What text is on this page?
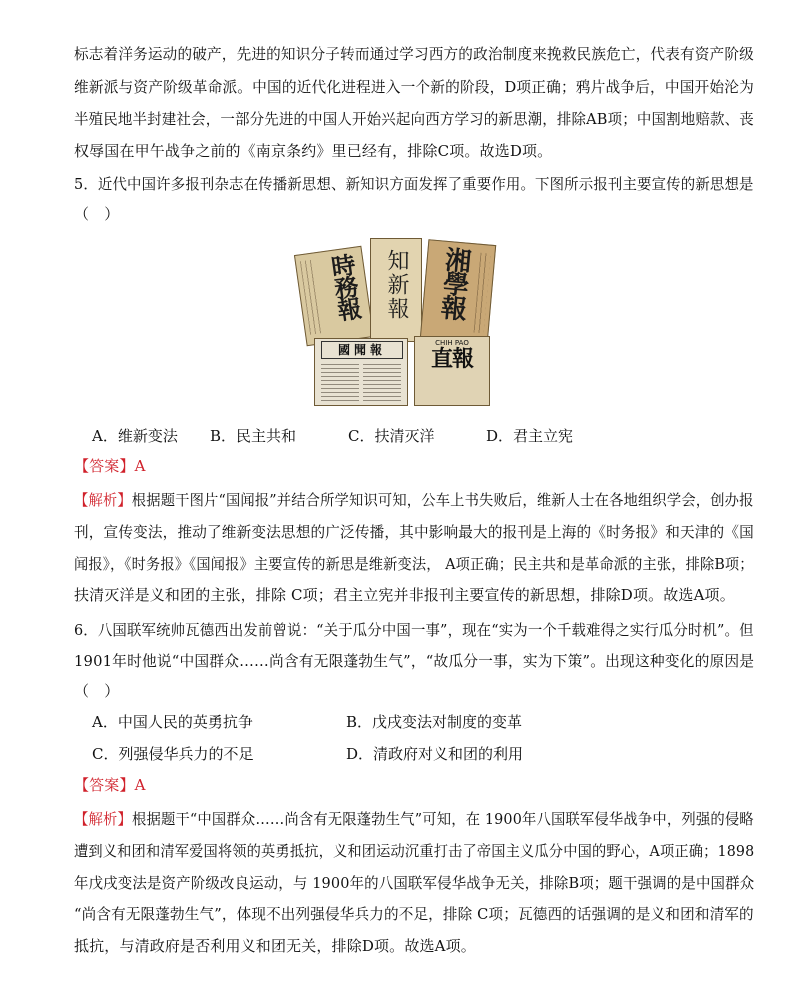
标志着洋务运动的破产，先进的知识分子转而通过学习西方的政治制度来挽救民族危亡，代表有资产阶级
维新派与资产阶级革命派。中国的近代化进程进入一个新的阶段，D项正确；鸦片战争后，中国开始沦为
半殖民地半封建社会，一部分先进的中国人开始兴起向西方学习的新思潮，排除AB项；中国割地赔款、丧
权辱国在甲午战争之前的《南京条约》里已经有，排除C项。故选D项。
5．近代中国许多报刊杂志在传播新思想、新知识方面发挥了重要作用。下图所示报刊主要宣传的新思想是
（　）
時務報 知新報 湘學報
國聞報	CHIH PAO
直報
A．维新变法 B．民主共和	C．扶清灭洋	D．君主立宪
【答案】A
【解析】根据题干图片“国闻报”并结合所学知识可知，公车上书失败后，维新人士在各地组织学会，创办报
刊，宣传变法，推动了维新变法思想的广泛传播，其中影响最大的报刊是上海的《时务报》和天津的《国
闻报》，《时务报》《国闻报》主要宣传的新思是维新变法， A项正确；民主共和是革命派的主张，排除B项；
扶清灭洋是义和团的主张，排除 C项；君主立宪并非报刊主要宣传的新思想，排除D项。故选A项。
6．八国联军统帅瓦德西出发前曾说：“关于瓜分中国一事”，现在“实为一个千载难得之实行瓜分时机”。但
1901年时他说“中国群众……尚含有无限蓬勃生气”，“故瓜分一事，实为下策”。出现这种变化的原因是
（　）
A．中国人民的英勇抗争	B．戊戌变法对制度的变革
C．列强侵华兵力的不足	D．清政府对义和团的利用
【答案】A
【解析】根据题干“中国群众……尚含有无限蓬勃生气”可知，在 1900年八国联军侵华战争中，列强的侵略
遭到义和团和清军爱国将领的英勇抵抗，义和团运动沉重打击了帝国主义瓜分中国的野心，A项正确；1898
年戊戌变法是资产阶级改良运动，与 1900年的八国联军侵华战争无关，排除B项；题干强调的是中国群众
“尚含有无限蓬勃生气”，体现不出列强侵华兵力的不足，排除 C项；瓦德西的话强调的是义和团和清军的
抵抗，与清政府是否利用义和团无关，排除D项。故选A项。
